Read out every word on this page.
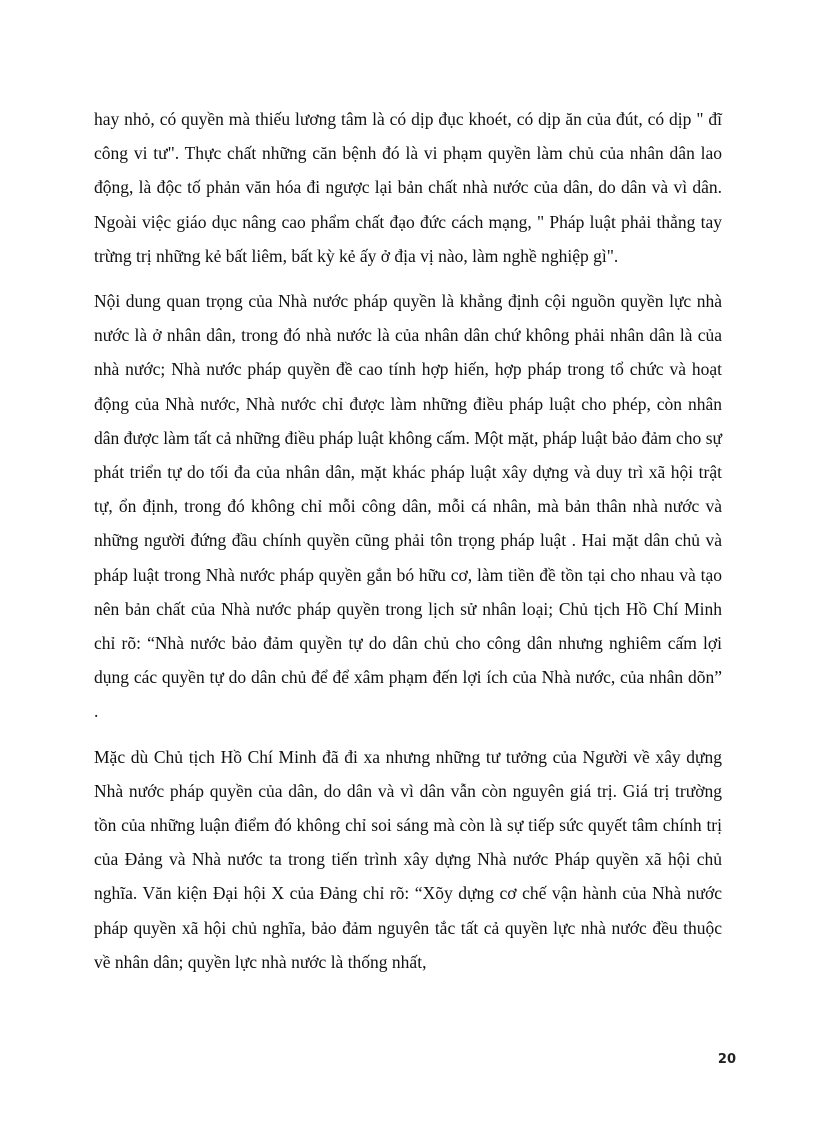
hay nhỏ, có quyền mà thiếu lương tâm là có dịp đục khoét, có dịp ăn của đút, có dịp " đĩ công vi tư". Thực chất những căn bệnh đó là vi phạm quyền làm chủ của nhân dân lao động, là độc tố phản văn hóa đi ngược lại bản chất nhà nước của dân, do dân và vì dân. Ngoài việc giáo dục nâng cao phẩm chất đạo đức cách mạng, " Pháp luật phải thẳng tay trừng trị những kẻ bất liêm, bất kỳ kẻ ấy ở địa vị nào, làm nghề nghiệp gì".

Nội dung quan trọng của Nhà nước pháp quyền là khẳng định cội nguồn quyền lực nhà nước là ở nhân dân, trong đó nhà nước là của nhân dân chứ không phải nhân dân là của nhà nước; Nhà nước pháp quyền đề cao tính hợp hiến, hợp pháp trong tổ chức và hoạt động của Nhà nước, Nhà nước chỉ được làm những điều pháp luật cho phép, còn nhân dân được làm tất cả những điều pháp luật không cấm. Một mặt, pháp luật bảo đảm cho sự phát triển tự do tối đa của nhân dân, mặt khác pháp luật xây dựng và duy trì xã hội trật tự, ổn định, trong đó không chỉ mỗi công dân, mỗi cá nhân, mà bản thân nhà nước và những người đứng đầu chính quyền cũng phải tôn trọng pháp luật . Hai mặt dân chủ và pháp luật trong Nhà nước pháp quyền gắn bó hữu cơ, làm tiền đề tồn tại cho nhau và tạo nên bản chất của Nhà nước pháp quyền trong lịch sử nhân loại; Chủ tịch Hồ Chí Minh chỉ rõ: “Nhà nước bảo đảm quyền tự do dân chủ cho công dân nhưng nghiêm cấm lợi dụng các quyền tự do dân chủ để để xâm phạm đến lợi ích của Nhà nước, của nhân dõn” .

Mặc dù Chủ tịch Hồ Chí Minh đã đi xa nhưng những tư tưởng của Người về xây dựng Nhà nước pháp quyền của dân, do dân và vì dân vẫn còn nguyên giá trị. Giá trị trường tồn của những luận điểm đó không chỉ soi sáng mà còn là sự tiếp sức quyết tâm chính trị của Đảng và Nhà nước ta trong tiến trình xây dựng Nhà nước Pháp quyền xã hội chủ nghĩa. Văn kiện Đại hội X của Đảng chỉ rõ: “Xõy dựng cơ chế vận hành của Nhà nước pháp quyền xã hội chủ nghĩa, bảo đảm nguyên tắc tất cả quyền lực nhà nước đều thuộc về nhân dân; quyền lực nhà nước là thống nhất,

20
